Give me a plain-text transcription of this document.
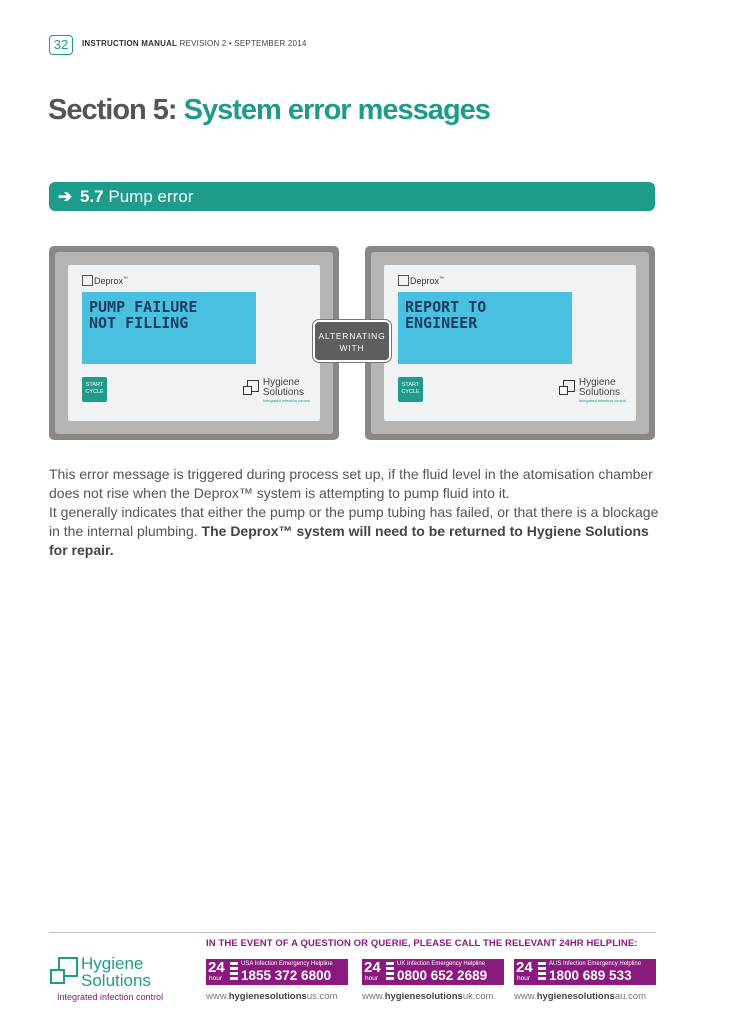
32	INSTRUCTION MANUAL REVISION 2 • SEPTEMBER 2014
Section 5: System error messages
➔ 5.7 Pump error
Deprox™
PUMP FAILURE
NOT FILLING
START
CYCLE
Hygiene
Solutions
Integrated infection control
Deprox™
REPORT TO
ENGINEER
START
CYCLE
Hygiene
Solutions
Integrated infection control
ALTERNATING
WITH

This error message is triggered during process set up, if the fluid level in the atomisation chamber does not rise when the Deprox™ system is attempting to pump fluid into it.

It generally indicates that either the pump or the pump tubing has failed, or that there is a blockage in the internal plumbing. The Deprox™ system will need to be returned to Hygiene Solutions for repair.

IN THE EVENT OF A QUESTION OR QUERIE, PLEASE CALL THE RELEVANT 24HR HELPLINE:
Hygiene
Solutions
Integrated infection control
24
hour
USA Infection Emergency Helpline
1855 372 6800 24
hour
UK Infection Emergency Helpline
0800 652 2689 24
hour
AUS Infection Emergency Helpline
1800 689 533
www.hygienesolutionsus.com	www.hygienesolutionsuk.com www.hygienesolutionsau.com
